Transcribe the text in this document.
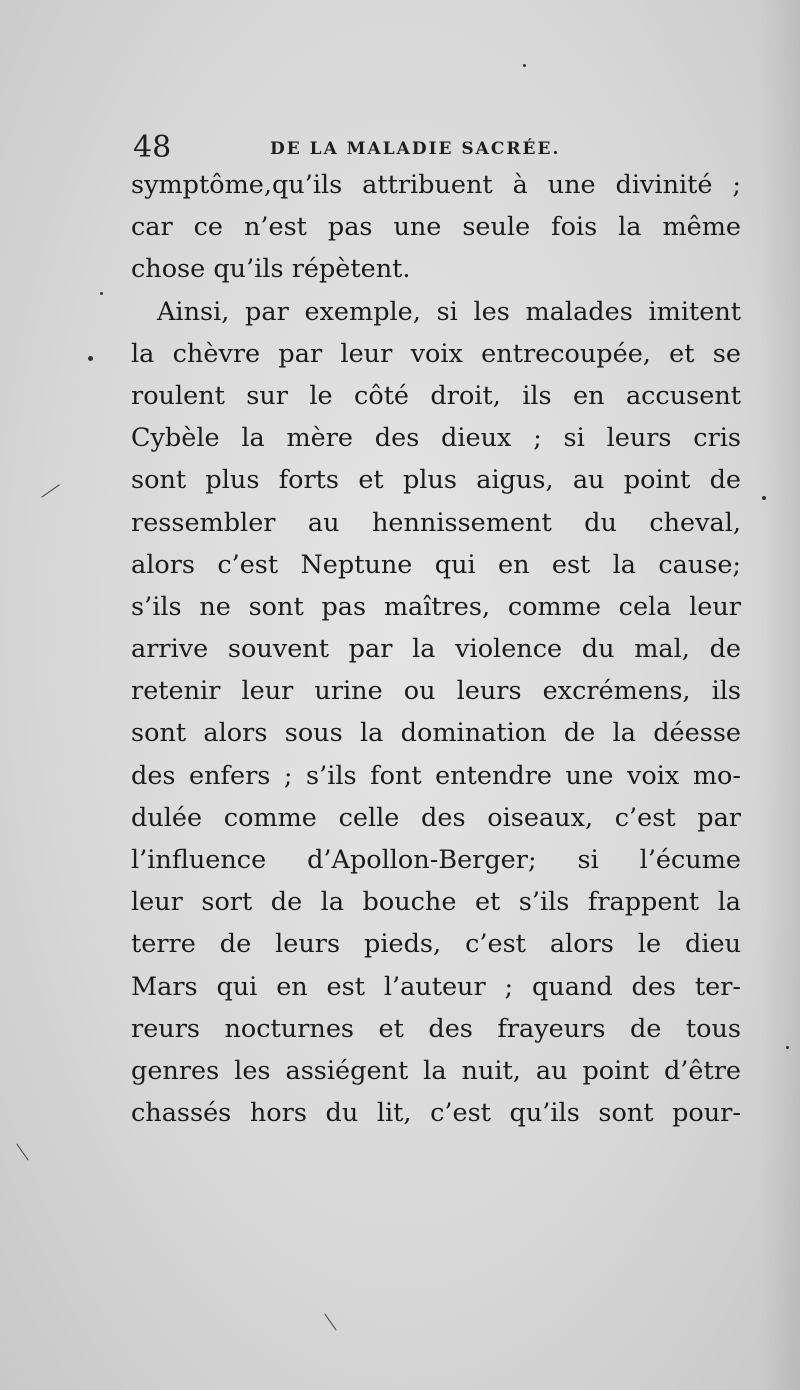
48	DE LA MALADIE SACRÉE.
symptôme,qu’ils attribuent à une divinité ;
car ce n’est pas une seule fois la même
chose qu’ils répètent.
Ainsi, par exemple, si les malades imitent
la chèvre par leur voix entrecoupée, et se
roulent sur le côté droit, ils en accusent
Cybèle la mère des dieux ; si leurs cris
sont plus forts et plus aigus, au point de
ressembler au hennissement du cheval,
alors c’est Neptune qui en est la cause;
s’ils ne sont pas maîtres, comme cela leur
arrive souvent par la violence du mal, de
retenir leur urine ou leurs excrémens, ils
sont alors sous la domination de la déesse
des enfers ; s’ils font entendre une voix mo-
dulée comme celle des oiseaux, c’est par
l’influence d’Apollon-Berger; si l’écume
leur sort de la bouche et s’ils frappent la
terre de leurs pieds, c’est alors le dieu
Mars qui en est l’auteur ; quand des ter-
reurs nocturnes et des frayeurs de tous
genres les assiégent la nuit, au point d’être
chassés hors du lit, c’est qu’ils sont pour-
